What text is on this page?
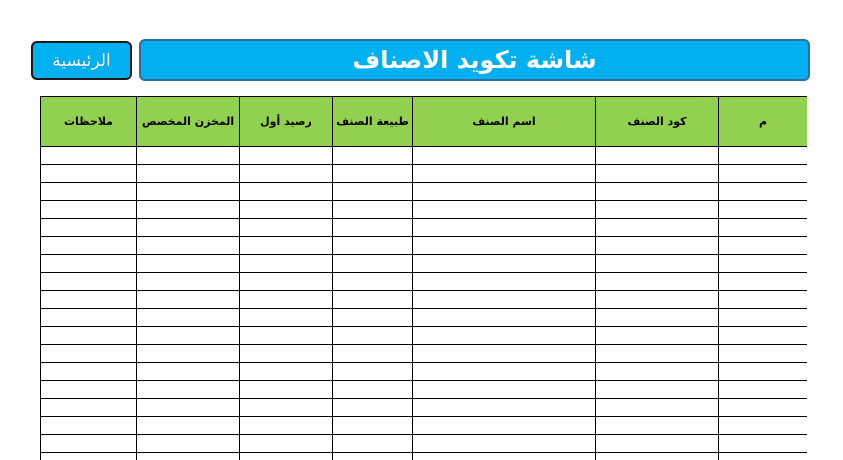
الرئيسية	شاشة تكويد الاصناف
ملاحظات	المخزن المخصص	رصيد أول	طبيعة الصنف	اسم الصنف	كود الصنف	م
